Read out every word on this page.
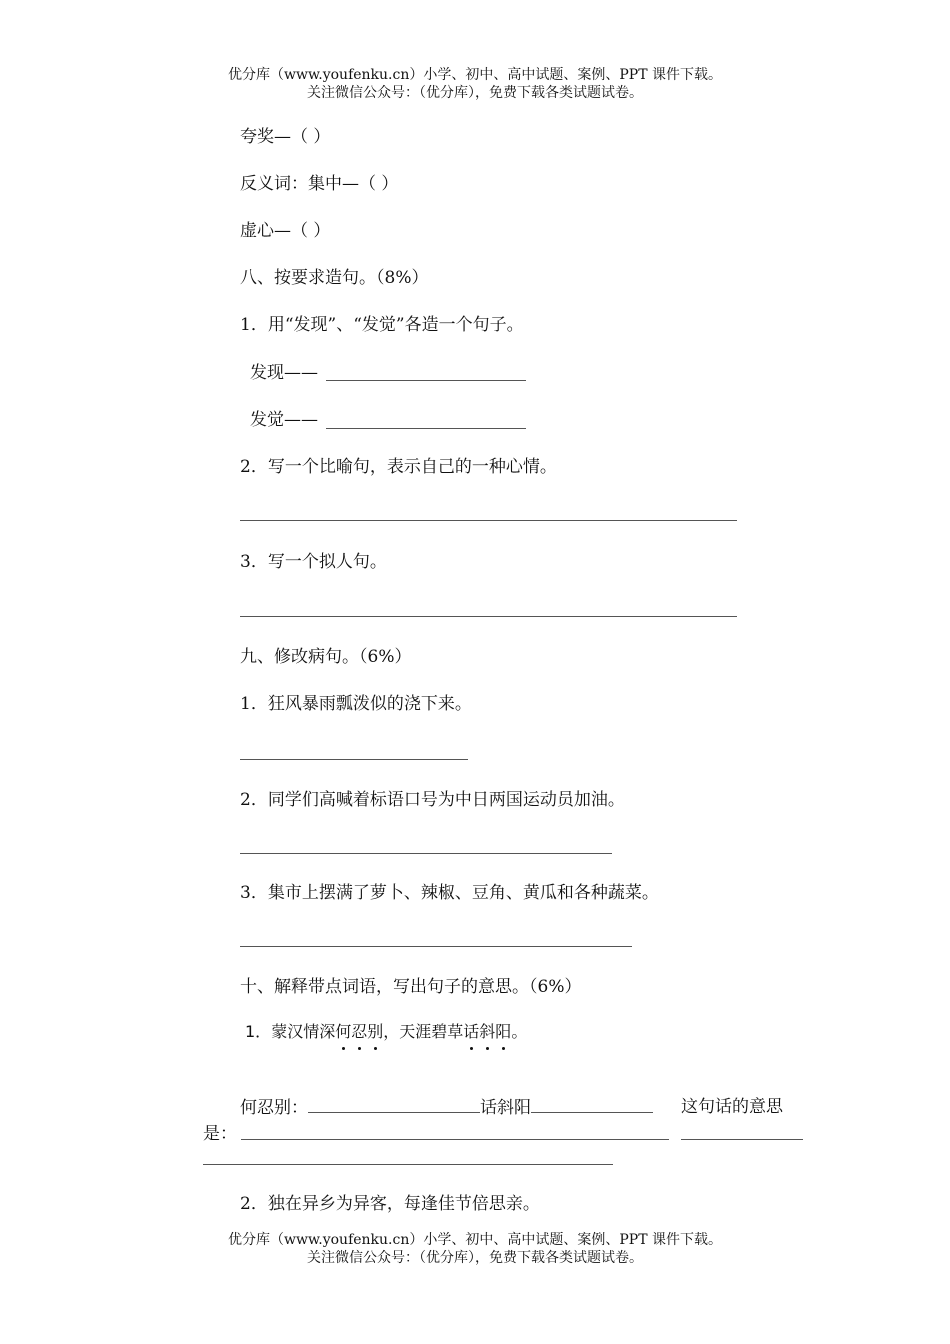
优分库（www.youfenku.cn）小学、初中、高中试题、案例、PPT 课件下载。
关注微信公众号：（优分库），免费下载各类试题试卷。
夸奖—（ ）
反义词：集中—（ ）
虚心—（ ）
八、按要求造句。（8%）
1．用“发现”、“发觉”各造一个句子。
发现——
发觉——
2．写一个比喻句，表示自己的一种心情。
3．写一个拟人句。
九、修改病句。（6%）
1．狂风暴雨瓢泼似的浇下来。
2．同学们高喊着标语口号为中日两国运动员加油。
3．集市上摆满了萝卜、辣椒、豆角、黄瓜和各种蔬菜。
十、解释带点词语，写出句子的意思。（6%）
1．蒙汉情深何忍别，天涯碧草话斜阳。
何忍别：	话斜阳	这句话的意思
是：
2．独在异乡为异客，每逢佳节倍思亲。
优分库（www.youfenku.cn）小学、初中、高中试题、案例、PPT 课件下载。
关注微信公众号：（优分库），免费下载各类试题试卷。
